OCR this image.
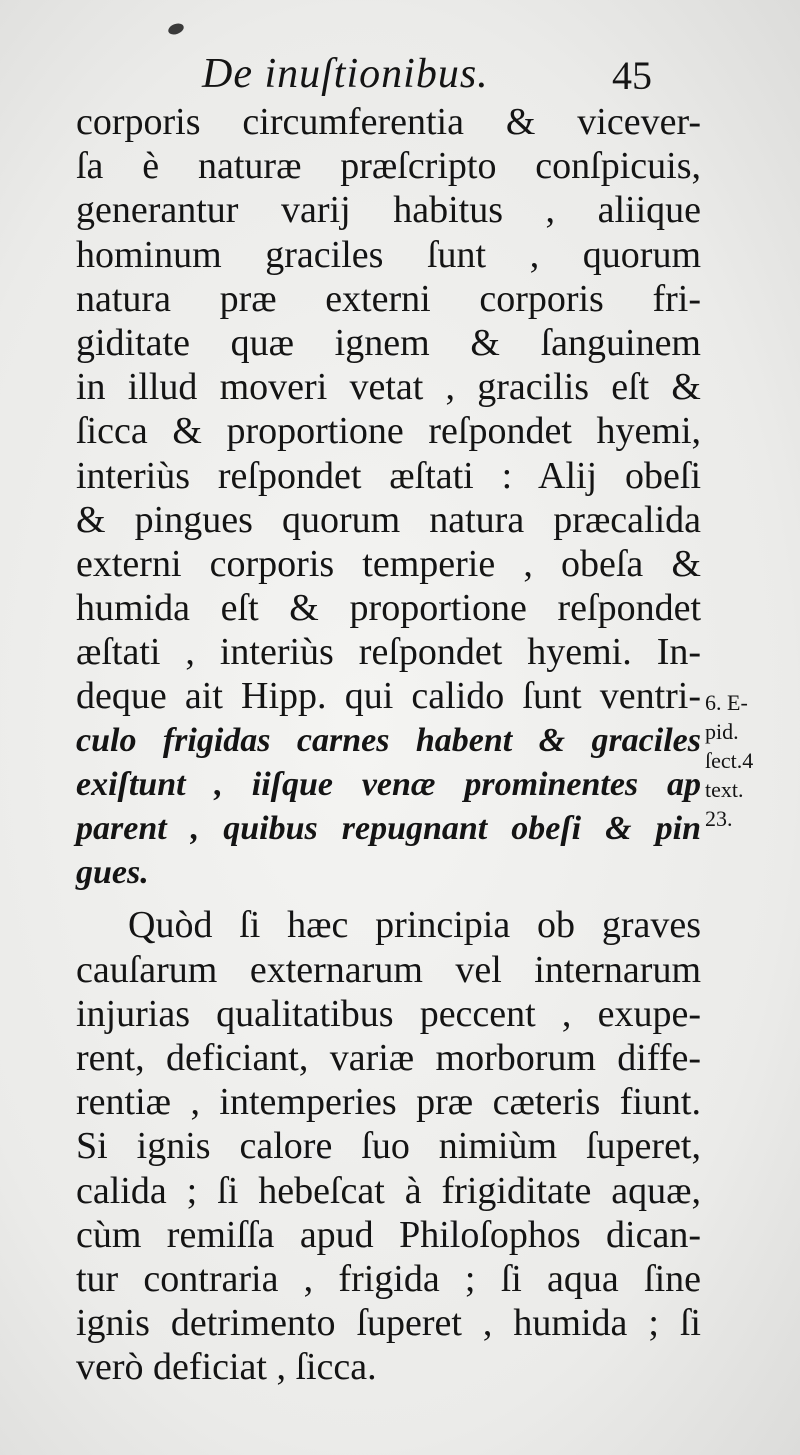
De inuſtionibus.	45
corporis circumferentia & vicever-
ſa è naturæ præſcripto conſpicuis,
generantur varij habitus , aliique
hominum graciles ſunt , quorum
natura præ externi corporis fri-
giditate quæ ignem & ſanguinem
in illud moveri vetat , gracilis eſt &
ſicca & proportione reſpondet hyemi,
interiùs reſpondet æſtati : Alij obeſi
& pingues quorum natura præcalida
externi corporis temperie , obeſa &
humida eſt & proportione reſpondet
æſtati , interiùs reſpondet hyemi. In-
deque ait Hipp. qui calido ſunt ventri-
culo frigidas carnes habent & graciles
exiſtunt , iiſque venæ prominentes ap
parent , quibus repugnant obeſi & pin
gues.
Quòd ſi hæc principia ob graves
cauſarum externarum vel internarum
injurias qualitatibus peccent , exupe-
rent, deficiant, variæ morborum diffe-
rentiæ , intemperies præ cæteris fiunt.
Si ignis calore ſuo nimiùm ſuperet,
calida ; ſi hebeſcat à frigiditate aquæ,
cùm remiſſa apud Philoſophos dican-
tur contraria , frigida ; ſi aqua ſine
ignis detrimento ſuperet , humida ; ſi
verò deficiat , ſicca.
6. E-
pid.
ſect.4
text.
23.
